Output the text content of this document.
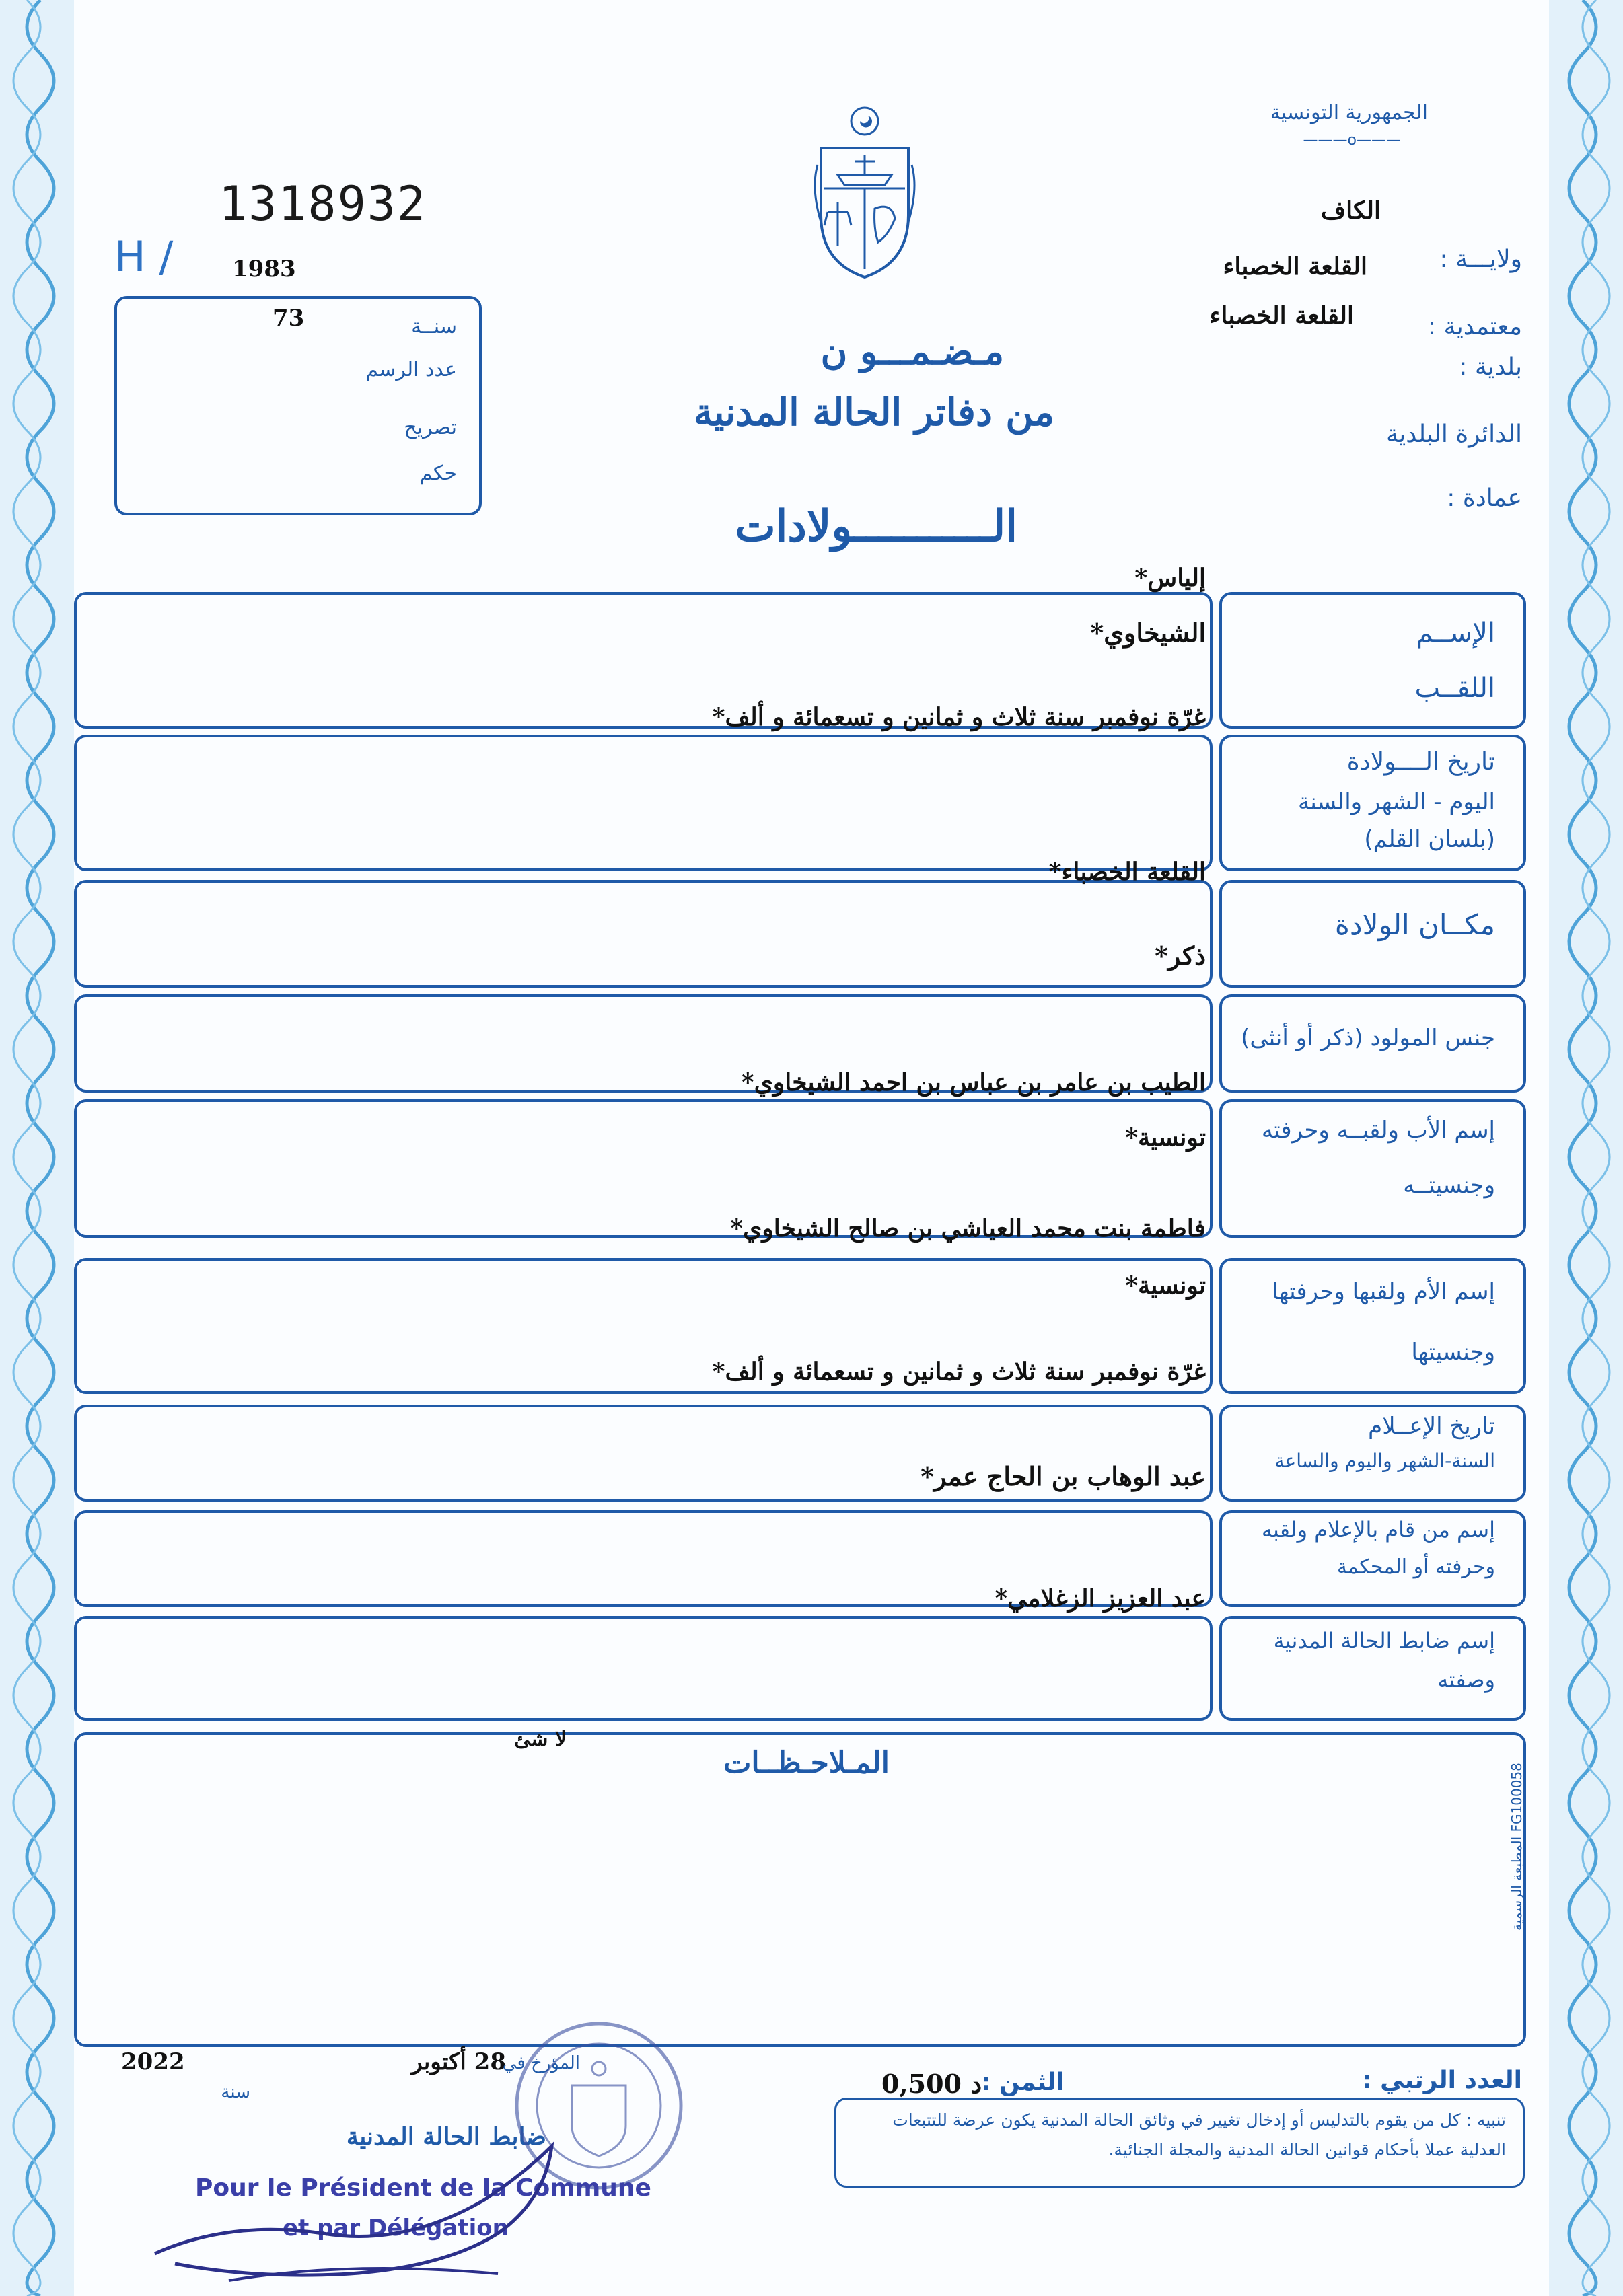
الجمهورية التونسية
———o———
1318932
H /	1983
73	سنــة
عدد الرسم
تصريح
حكم
الكاف
ولايـــة :
القلعة الخصباء
معتمدية :
القلعة الخصباء
بلدية :
الدائرة البلدية
عمادة :
مـضـمـــو ن
من دفاتر الحالة المدنية
الـــــــــــولادات
الإســم
اللقــب
إلياس*
الشيخاوي*
تاريخ الــــولادة
اليوم - الشهر والسنة
(بلسان القلم)
غرّة نوفمبر سنة ثلاث و ثمانين و تسعمائة و ألف*
مكــان الولادة
القلعة الخصباء*
جنس المولود (ذكر أو أنثى)
ذكر*
إسم الأب ولقبــه وحرفته
وجنسيتــه
الطيب بن عامر بن عباس بن احمد الشيخاوي*
تونسية*
إسم الأم ولقبها وحرفتها
وجنسيتها
فاطمة بنت محمد العياشي بن صالح الشيخاوي*
تونسية*
تاريخ الإعــلام
السنة-الشهر واليوم والساعة
غرّة نوفمبر سنة ثلاث و ثمانين و تسعمائة و ألف*
إسم من قام بالإعلام ولقبه
وحرفته أو المحكمة
عبد الوهاب بن الحاج عمر*
إسم ضابط الحالة المدنية
وصفته
عبد العزيز الزغلامي*
المـلاحـظــات
لا شئ
المطبعة الرسمية FG100058
العدد الرتبي :
الثمن :
0,500 د
28 أكتوبر
المؤرخ في
2022
سنة
ضابط الحالة المدنية
Pour le Président de la Commune
et par Délégation
تنبيه : كل من يقوم بالتدليس أو إدخال تغيير في وثائق الحالة المدنية يكون عرضة للتتبعات العدلية عملا بأحكام قوانين الحالة المدنية والمجلة الجنائية.
